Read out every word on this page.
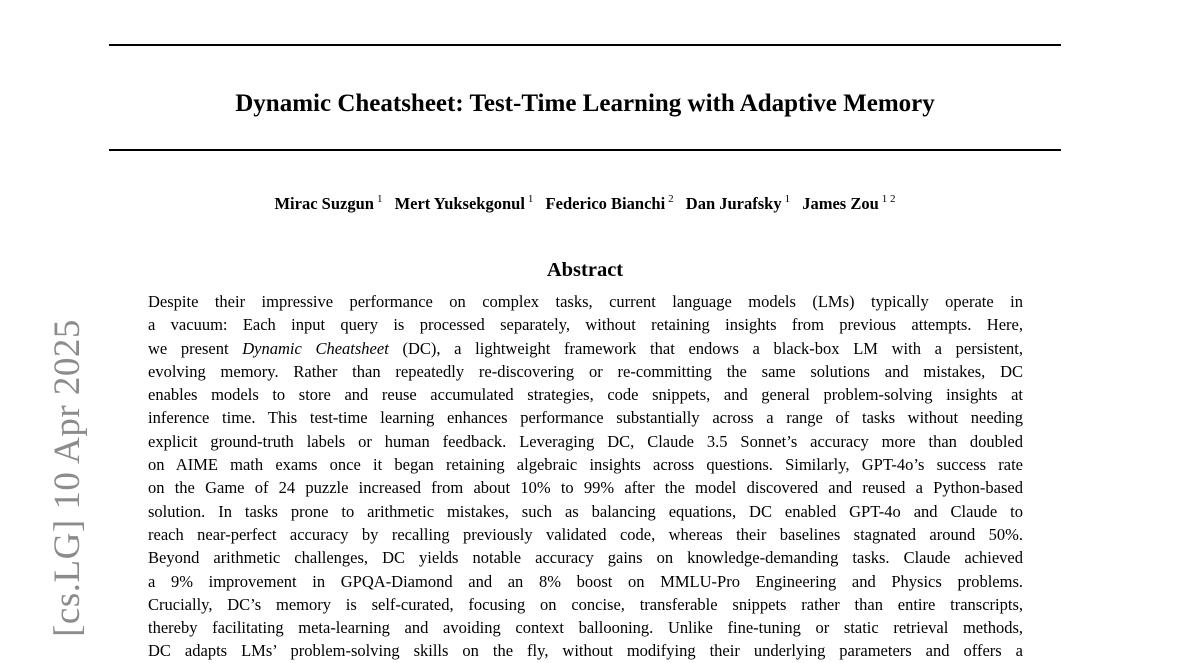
[cs.LG] 10 Apr 2025
Dynamic Cheatsheet: Test-Time Learning with Adaptive Memory
Mirac Suzgun $^1$ Mert Yuksekgonul $^1$ Federico Bianchi $^2$ Dan Jurafsky $^1$ James Zou $^{1 2}$
Abstract
Despite their impressive performance on complex tasks, current language models (LMs) typically operate in
a vacuum: Each input query is processed separately, without retaining insights from previous attempts. Here,
we present Dynamic Cheatsheet (DC), a lightweight framework that endows a black-box LM with a persistent,
evolving memory. Rather than repeatedly re-discovering or re-committing the same solutions and mistakes, DC
enables models to store and reuse accumulated strategies, code snippets, and general problem-solving insights at
inference time. This test-time learning enhances performance substantially across a range of tasks without needing
explicit ground-truth labels or human feedback. Leveraging DC, Claude 3.5 Sonnet’s accuracy more than doubled
on AIME math exams once it began retaining algebraic insights across questions. Similarly, GPT-4o’s success rate
on the Game of 24 puzzle increased from about 10% to 99% after the model discovered and reused a Python-based
solution. In tasks prone to arithmetic mistakes, such as balancing equations, DC enabled GPT-4o and Claude to
reach near-perfect accuracy by recalling previously validated code, whereas their baselines stagnated around 50%.
Beyond arithmetic challenges, DC yields notable accuracy gains on knowledge-demanding tasks. Claude achieved
a 9% improvement in GPQA-Diamond and an 8% boost on MMLU-Pro Engineering and Physics problems.
Crucially, DC’s memory is self-curated, focusing on concise, transferable snippets rather than entire transcripts,
thereby facilitating meta-learning and avoiding context ballooning. Unlike fine-tuning or static retrieval methods,
DC adapts LMs’ problem-solving skills on the fly, without modifying their underlying parameters and offers a
